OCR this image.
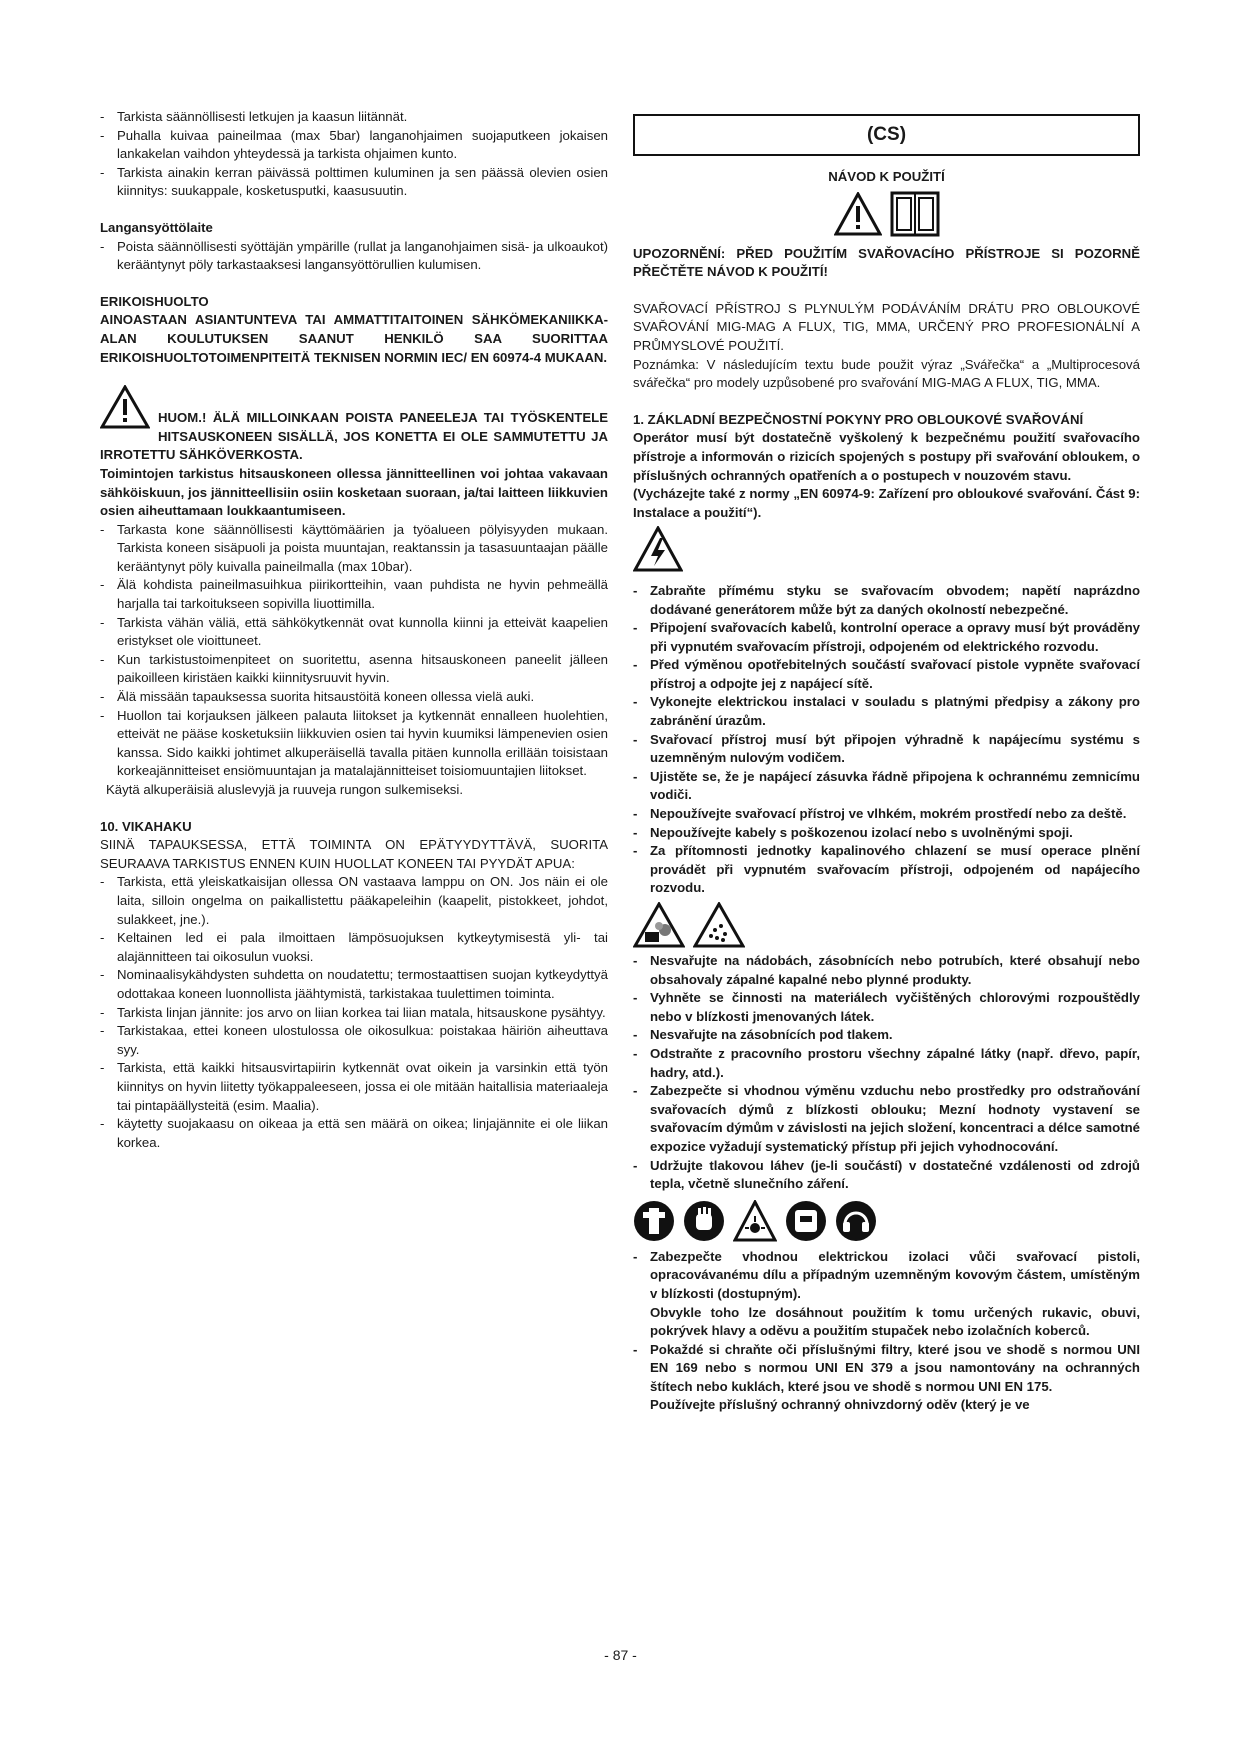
- Tarkista säännöllisesti letkujen ja kaasun liitännät.
- Puhalla kuivaa paineilmaa (max 5bar) langanohjaimen suojaputkeen jokaisen lankakelan vaihdon yhteydessä ja tarkista ohjaimen kunto.
- Tarkista ainakin kerran päivässä polttimen kuluminen ja sen päässä olevien osien kiinnitys: suukappale, kosketusputki, kaasusuutin.

Langansyöttölaite

- Poista säännöllisesti syöttäjän ympärille (rullat ja langanohjaimen sisä- ja ulkoaukot) kerääntynyt pöly tarkastaaksesi langansyöttörullien kulumisen.

ERIKOISHUOLTO

AINOASTAAN ASIANTUNTEVA TAI AMMATTITAITOINEN SÄHKÖMEKANIIKKA-ALAN KOULUTUKSEN SAANUT HENKILÖ SAA SUORITTAA ERIKOISHUOLTOTOIMENPITEITÄ TEKNISEN NORMIN IEC/ EN 60974-4 MUKAAN.

HUOM.! ÄLÄ MILLOINKAAN POISTA PANEELEJA TAI TYÖSKENTELE HITSAUSKONEEN SISÄLLÄ, JOS KONETTA EI OLE SAMMUTETTU JA IRROTETTU SÄHKÖVERKOSTA.

Toimintojen tarkistus hitsauskoneen ollessa jännitteellinen voi johtaa vakavaan sähköiskuun, jos jännitteellisiin osiin kosketaan suoraan, ja/tai laitteen liikkuvien osien aiheuttamaan loukkaantumiseen.

- Tarkasta kone säännöllisesti käyttömäärien ja työalueen pölyisyyden mukaan. Tarkista koneen sisäpuoli ja poista muuntajan, reaktanssin ja tasasuuntaajan päälle kerääntynyt pöly kuivalla paineilmalla (max 10bar).
- Älä kohdista paineilmasuihkua piirikortteihin, vaan puhdista ne hyvin pehmeällä harjalla tai tarkoitukseen sopivilla liuottimilla.
- Tarkista vähän väliä, että sähkökytkennät ovat kunnolla kiinni ja etteivät kaapelien eristykset ole vioittuneet.
- Kun tarkistustoimenpiteet on suoritettu, asenna hitsauskoneen paneelit jälleen paikoilleen kiristäen kaikki kiinnitysruuvit hyvin.
- Älä missään tapauksessa suorita hitsaustöitä koneen ollessa vielä auki.
- Huollon tai korjauksen jälkeen palauta liitokset ja kytkennät ennalleen huolehtien, etteivät ne pääse kosketuksiin liikkuvien osien tai hyvin kuumiksi lämpenevien osien kanssa. Sido kaikki johtimet alkuperäisellä tavalla pitäen kunnolla erillään toisistaan korkeajännitteiset ensiömuuntajan ja matalajännitteiset toisiomuuntajien liitokset.

Käytä alkuperäisiä aluslevyjä ja ruuveja rungon sulkemiseksi.

10. VIKAHAKU

SIINÄ TAPAUKSESSA, ETTÄ TOIMINTA ON EPÄTYYDYTTÄVÄ, SUORITA SEURAAVA TARKISTUS ENNEN KUIN HUOLLAT KONEEN TAI PYYDÄT APUA:

- Tarkista, että yleiskatkaisijan ollessa ON vastaava lamppu on ON. Jos näin ei ole laita, silloin ongelma on paikallistettu pääkapeleihin (kaapelit, pistokkeet, johdot, sulakkeet, jne.).
- Keltainen led ei pala ilmoittaen lämpösuojuksen kytkeytymisestä yli- tai alajännitteen tai oikosulun vuoksi.
- Nominaalisykähdysten suhdetta on noudatettu; termostaattisen suojan kytkeydyttyä odottakaa koneen luonnollista jäähtymistä, tarkistakaa tuulettimen toiminta.
- Tarkista linjan jännite: jos arvo on liian korkea tai liian matala, hitsauskone pysähtyy.
- Tarkistakaa, ettei koneen ulostulossa ole oikosulkua: poistakaa häiriön aiheuttava syy.
- Tarkista, että kaikki hitsausvirtapiirin kytkennät ovat oikein ja varsinkin että työn kiinnitys on hyvin liitetty työkappaleeseen, jossa ei ole mitään haitallisia materiaaleja tai pintapäällysteitä (esim. Maalia).
- käytetty suojakaasu on oikeaa ja että sen määrä on oikea; linjajännite ei ole liikan korkea.
(CS)

NÁVOD K POUŽITÍ

UPOZORNĚNÍ: PŘED POUŽITÍM SVAŘOVACÍHO PŘÍSTROJE SI POZORNĚ PŘEČTĚTE NÁVOD K POUŽITÍ!

SVAŘOVACÍ PŘÍSTROJ S PLYNULÝM PODÁVÁNÍM DRÁTU PRO OBLOUKOVÉ SVAŘOVÁNÍ MIG-MAG A FLUX, TIG, MMA, URČENÝ PRO PROFESIONÁLNÍ A PRŮMYSLOVÉ POUŽITÍ.

Poznámka: V následujícím textu bude použit výraz „Svářečka“ a „Multiprocesová svářečka“ pro modely uzpůsobené pro svařování MIG-MAG A FLUX, TIG, MMA.

1. ZÁKLADNÍ BEZPEČNOSTNÍ POKYNY PRO OBLOUKOVÉ SVAŘOVÁNÍ

Operátor musí být dostatečně vyškolený k bezpečnému použití svařovacího přístroje a informován o rizicích spojených s postupy při svařování obloukem, o příslušných ochranných opatřeních a o postupech v nouzovém stavu.

(Vycházejte také z normy „EN 60974-9: Zařízení pro obloukové svařování. Část 9: Instalace a použití“).

- Zabraňte přímému styku se svařovacím obvodem; napětí naprázdno dodávané generátorem může být za daných okolností nebezpečné.
- Připojení svařovacích kabelů, kontrolní operace a opravy musí být prováděny při vypnutém svařovacím přístroji, odpojeném od elektrického rozvodu.
- Před výměnou opotřebitelných součástí svařovací pistole vypněte svařovací přístroj a odpojte jej z napájecí sítě.
- Vykonejte elektrickou instalaci v souladu s platnými předpisy a zákony pro zabránění úrazům.
- Svařovací přístroj musí být připojen výhradně k napájecímu systému s uzemněným nulovým vodičem.
- Ujistěte se, že je napájecí zásuvka řádně připojena k ochrannému zemnicímu vodiči.
- Nepoužívejte svařovací přístroj ve vlhkém, mokrém prostředí nebo za deště.
- Nepoužívejte kabely s poškozenou izolací nebo s uvolněnými spoji.
- Za přítomnosti jednotky kapalinového chlazení se musí operace plnění provádět při vypnutém svařovacím přístroji, odpojeném od napájecího rozvodu.
- Nesvařujte na nádobách, zásobnících nebo potrubích, které obsahují nebo obsahovaly zápalné kapalné nebo plynné produkty.
- Vyhněte se činnosti na materiálech vyčištěných chlorovými rozpouštědly nebo v blízkosti jmenovaných látek.
- Nesvařujte na zásobnících pod tlakem.
- Odstraňte z pracovního prostoru všechny zápalné látky (např. dřevo, papír, hadry, atd.).
- Zabezpečte si vhodnou výměnu vzduchu nebo prostředky pro odstraňování svařovacích dýmů z blízkosti oblouku; Mezní hodnoty vystavení se svařovacím dýmům v závislosti na jejich složení, koncentraci a délce samotné expozice vyžadují systematický přístup při jejich vyhodnocování.
- Udržujte tlakovou láhev (je-li součástí) v dostatečné vzdálenosti od zdrojů tepla, včetně slunečního záření.
- Zabezpečte vhodnou elektrickou izolaci vůči svařovací pistoli, opracovávanému dílu a případným uzemněným kovovým částem, umístěným v blízkosti (dostupným).

Obvykle toho lze dosáhnout použitím k tomu určených rukavic, obuvi, pokrývek hlavy a oděvu a použitím stupaček nebo izolačních koberců.

- Pokaždé si chraňte oči příslušnými filtry, které jsou ve shodě s normou UNI EN 169 nebo s normou UNI EN 379 a jsou namontovány na ochranných štítech nebo kuklách, které jsou ve shodě s normou UNI EN 175.

Používejte příslušný ochranný ohnivzdorný oděv (který je ve

- 87 -
